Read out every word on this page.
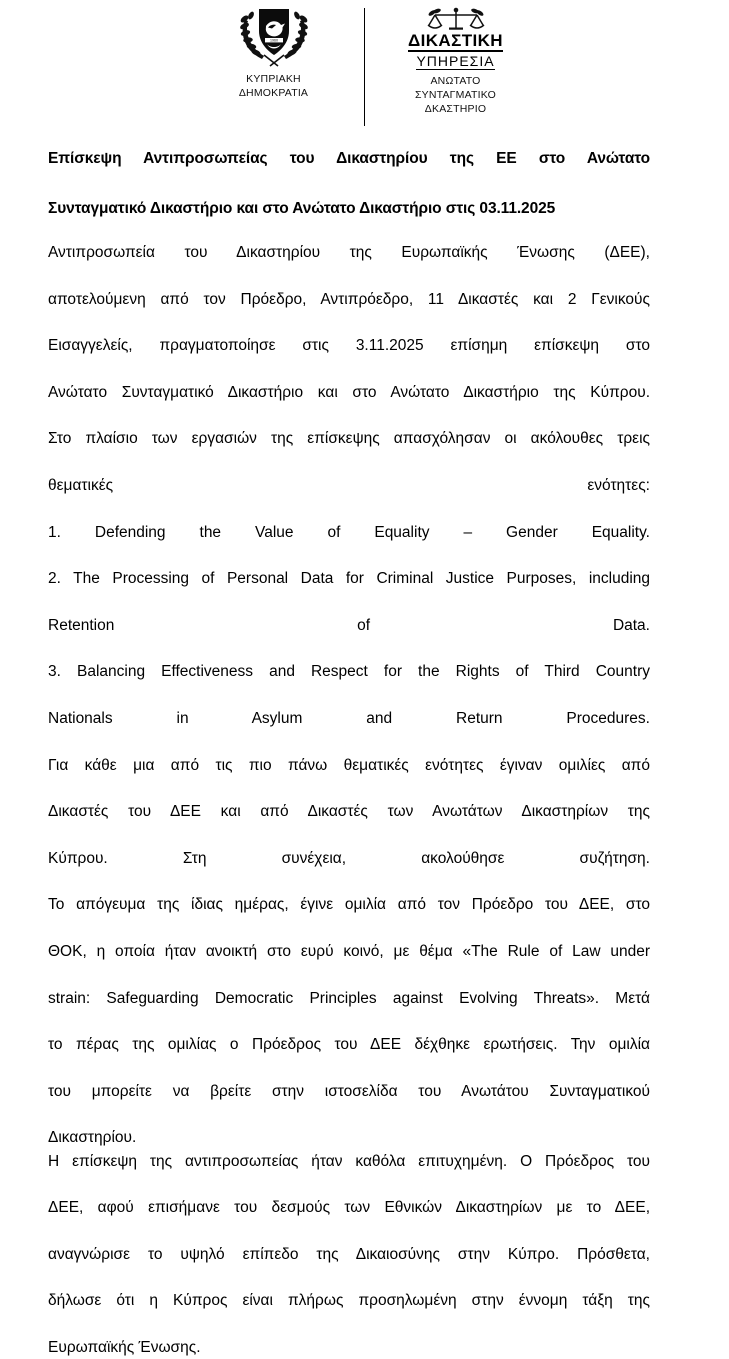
1960
ΚΥΠΡΙΑΚΗ
ΔΗΜΟΚΡΑΤΙΑ
ΔΙΚΑΣΤΙΚΗ
ΥΠΗΡΕΣΙΑ
ΑΝΩΤΑΤΟ
ΣΥΝΤΑΓΜΑΤΙΚΟ
ΔΚΑΣΤΗΡΙΟ
Επίσκεψη Αντιπροσωπείας του Δικαστηρίου της ΕΕ στο Ανώτατο
Συνταγματικό Δικαστήριο και στο Ανώτατο Δικαστήριο στις 03.11.2025

Αντιπροσωπεία του Δικαστηρίου της Ευρωπαϊκής Ένωσης (ΔΕΕ),
αποτελούμενη από τον Πρόεδρο, Αντιπρόεδρο, 11 Δικαστές και 2 Γενικούς
Εισαγγελείς, πραγματοποίησε στις 3.11.2025 επίσημη επίσκεψη στο
Ανώτατο Συνταγματικό Δικαστήριο και στο Ανώτατο Δικαστήριο της Κύπρου.
Στο πλαίσιο των εργασιών της επίσκεψης απασχόλησαν οι ακόλουθες τρεις
θεματικές ενότητες:
1. Defending the Value of Equality – Gender Equality.
2. The Processing of Personal Data for Criminal Justice Purposes, including
Retention of Data.
3. Balancing Effectiveness and Respect for the Rights of Third Country
Nationals in Asylum and Return Procedures.
Για κάθε μια από τις πιο πάνω θεματικές ενότητες έγιναν ομιλίες από
Δικαστές του ΔΕΕ και από Δικαστές των Ανωτάτων Δικαστηρίων της
Κύπρου. Στη συνέχεια, ακολούθησε συζήτηση.
Το απόγευμα της ίδιας ημέρας, έγινε ομιλία από τον Πρόεδρο του ΔΕΕ, στο
ΘΟΚ, η οποία ήταν ανοικτή στο ευρύ κοινό, με θέμα «The Rule of Law under
strain: Safeguarding Democratic Principles against Evolving Threats». Μετά
το πέρας της ομιλίας ο Πρόεδρος του ΔΕΕ δέχθηκε ερωτήσεις. Την ομιλία
του μπορείτε να βρείτε στην ιστοσελίδα του Ανωτάτου Συνταγματικού
Δικαστηρίου.
Η επίσκεψη της αντιπροσωπείας ήταν καθόλα επιτυχημένη. Ο Πρόεδρος του
ΔΕΕ, αφού επισήμανε του δεσμούς των Εθνικών Δικαστηρίων με το ΔΕΕ,
αναγνώρισε το υψηλό επίπεδο της Δικαιοσύνης στην Κύπρο. Πρόσθετα,
δήλωσε ότι η Κύπρος είναι πλήρως προσηλωμένη στην έννομη τάξη της
Ευρωπαϊκής Ένωσης.
